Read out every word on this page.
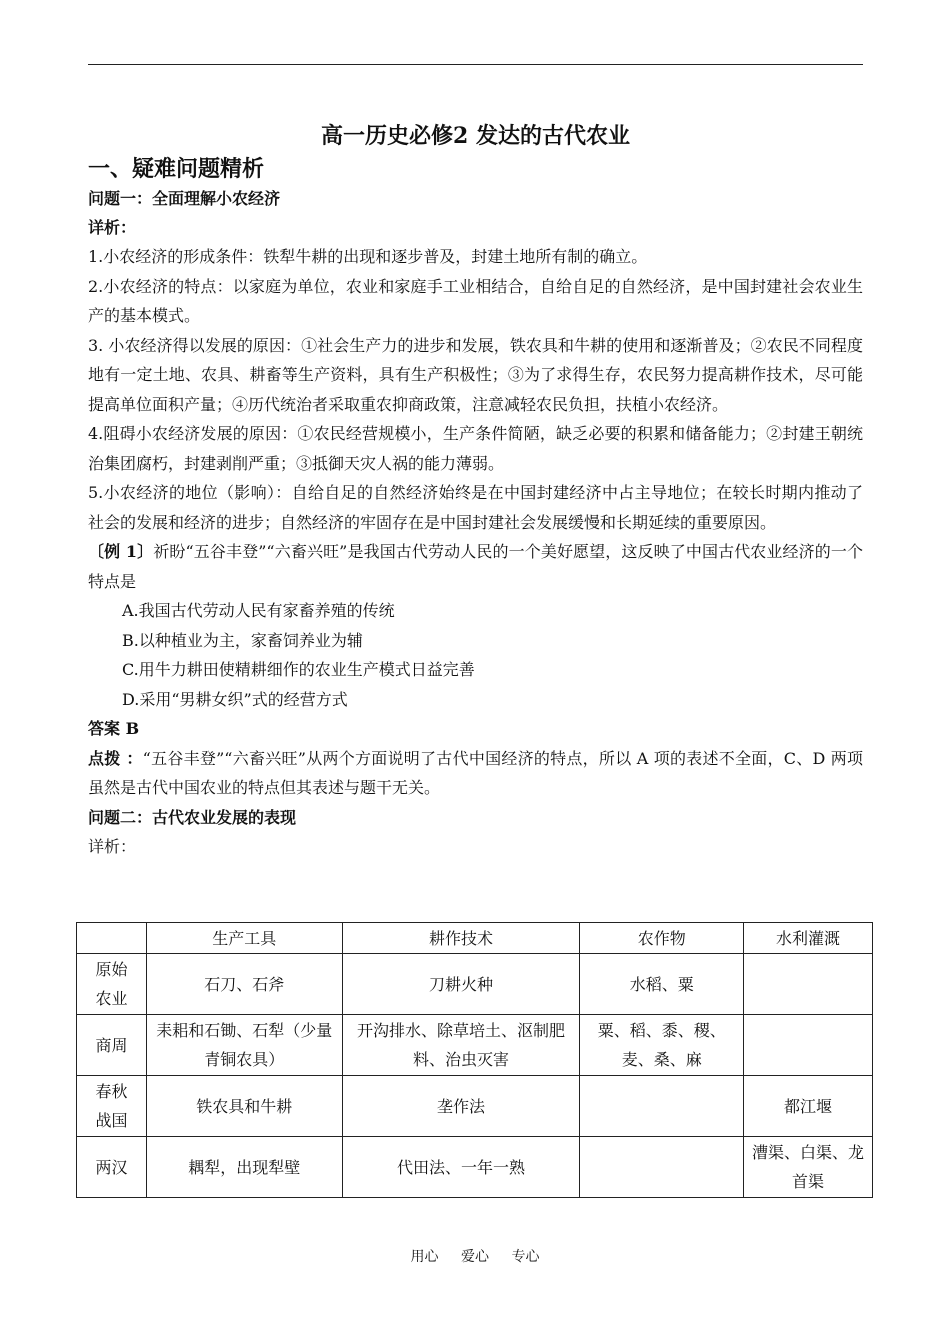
高一历史必修2 发达的古代农业

一、疑难问题精析

问题一：全面理解小农经济

详析：

1.小农经济的形成条件：铁犁牛耕的出现和逐步普及，封建土地所有制的确立。

2.小农经济的特点：以家庭为单位，农业和家庭手工业相结合，自给自足的自然经济，是中国封建社会农业生产的基本模式。

3. 小农经济得以发展的原因：①社会生产力的进步和发展，铁农具和牛耕的使用和逐渐普及；②农民不同程度地有一定土地、农具、耕畜等生产资料，具有生产积极性；③为了求得生存，农民努力提高耕作技术，尽可能提高单位面积产量；④历代统治者采取重农抑商政策，注意减轻农民负担，扶植小农经济。

4.阻碍小农经济发展的原因：①农民经营规模小，生产条件简陋，缺乏必要的积累和储备能力；②封建王朝统治集团腐朽，封建剥削严重；③抵御天灾人祸的能力薄弱。

5.小农经济的地位（影响）：自给自足的自然经济始终是在中国封建经济中占主导地位；在较长时期内推动了社会的发展和经济的进步；自然经济的牢固存在是中国封建社会发展缓慢和长期延续的重要原因。

〔例 1〕祈盼“五谷丰登”“六畜兴旺”是我国古代劳动人民的一个美好愿望，这反映了中国古代农业经济的一个特点是

A.我国古代劳动人民有家畜养殖的传统

B.以种植业为主，家畜饲养业为辅

C.用牛力耕田使精耕细作的农业生产模式日益完善

D.采用“男耕女织”式的经营方式

答案 B

点拨 ：“五谷丰登”“六畜兴旺”从两个方面说明了古代中国经济的特点，所以 A 项的表述不全面，C、D 两项虽然是古代中国农业的特点但其表述与题干无关。

问题二：古代农业发展的表现

详析：

	生产工具	耕作技术	农作物	水利灌溉
原始
农业	石刀、石斧	刀耕火种	水稻、粟	
商周	耒耜和石锄、石犁（少量青铜农具）	开沟排水、除草培土、沤制肥料、治虫灭害	粟、稻、黍、稷、麦、桑、麻	
春秋
战国	铁农具和牛耕	垄作法		都江堰
两汉	耦犁，出现犁壁	代田法、一年一熟		漕渠、白渠、龙首渠
用心 爱心 专心
